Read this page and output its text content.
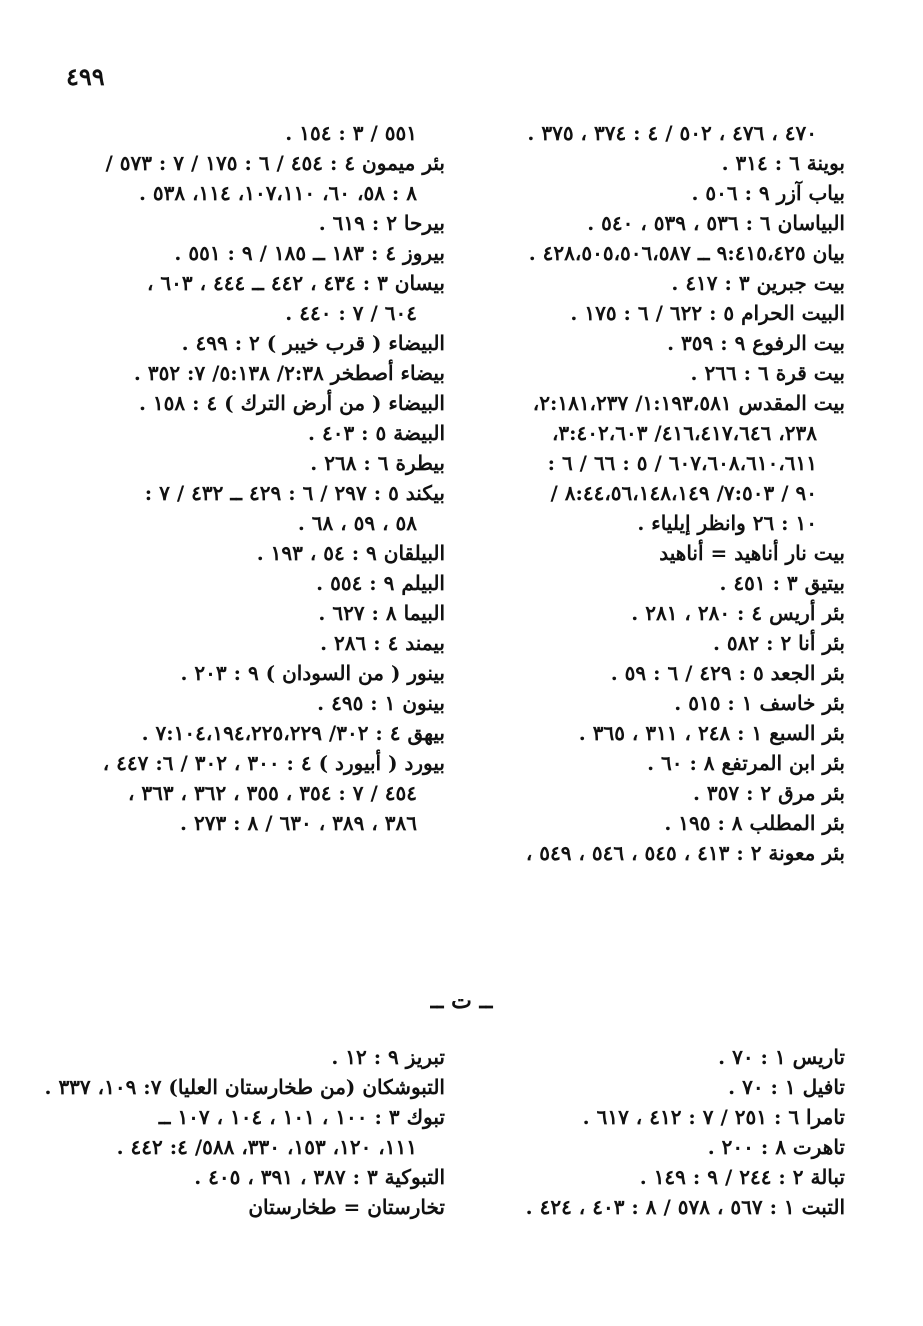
٤٩٩
٤٧٠ ، ٤٧٦ ، ٥٠٢ / ٤ : ٣٧٤ ، ٣٧٥ .
بوينة ٦ : ٣١٤ .
بياب آزر ٩ : ٥٠٦ .
البياسان ٦ : ٥٣٦ ، ٥٣٩ ، ٥٤٠ .
بيان ٩:٤١٥،٤٢٥ ــ ٤٢٨،٥٠٥،٥٠٦،٥٨٧ .
بيت جبرين ٣ : ٤١٧ .
البيت الحرام ٥ : ٦٢٢ / ٦ : ١٧٥ .
بيت الرفوع ٩ : ٣٥٩ .
بيت قرة ٦ : ٢٦٦ .
بيت المقدس ١:١٩٣،٥٨١/ ٢:١٨١،٢٣٧،
٢٣٨، ٤١٦،٤١٧،٦٤٦/ ٣:٤٠٢،٦٠٣،
٦٠٧،٦٠٨،٦١٠،٦١١ / ٥ : ٦٦ / ٦ :
٩٠ / ٧:٥٠٣/ ٨:٤٤،٥٦،١٤٨،١٤٩ /
١٠ : ٢٦ وانظر إيلياء .
بيت نار أناهيد = أناهيد
بيتيق ٣ : ٤٥١ .
بئر أريس ٤ : ٢٨٠ ، ٢٨١ .
بئر أنا ٢ : ٥٨٢ .
بئر الجعد ٥ : ٤٢٩ / ٦ : ٥٩ .
بئر خاسف ١ : ٥١٥ .
بئر السبع ١ : ٢٤٨ ، ٣١١ ، ٣٦٥ .
بئر ابن المرتفع ٨ : ٦٠ .
بئر مرق ٢ : ٣٥٧ .
بئر المطلب ٨ : ١٩٥ .
بئر معونة ٢ : ٤١٣ ، ٥٤٥ ، ٥٤٦ ، ٥٤٩ ،
٥٥١ / ٣ : ١٥٤ .
بئر ميمون ٤ : ٤٥٤ / ٦ : ١٧٥ / ٧ : ٥٧٣ /
٨ : ٥٨، ٦٠، ١٠٧،١١٠، ١١٤، ٥٣٨ .
بيرحا ٢ : ٦١٩ .
بيروز ٤ : ١٨٣ ــ ١٨٥ / ٩ : ٥٥١ .
بيسان ٣ : ٤٣٤ ، ٤٤٢ ــ ٤٤٤ ، ٦٠٣ ،
٦٠٤ / ٧ : ٤٤٠ .
البيضاء ( قرب خيبر ) ٢ : ٤٩٩ .
بيضاء أصطخر ٢:٣٨/ ٥:١٣٨/ ٧: ٣٥٢ .
البيضاء ( من أرض الترك ) ٤ : ١٥٨ .
البيضة ٥ : ٤٠٣ .
بيطرة ٦ : ٢٦٨ .
بيكند ٥ : ٢٩٧ / ٦ : ٤٢٩ ــ ٤٣٢ / ٧ :
٥٨ ، ٥٩ ، ٦٨ .
البيلقان ٩ : ٥٤ ، ١٩٣ .
البيلم ٩ : ٥٥٤ .
البيما ٨ : ٦٢٧ .
بيمند ٤ : ٢٨٦ .
بينور ( من السودان ) ٩ : ٢٠٣ .
بينون ١ : ٤٩٥ .
بيهق ٤ : ٣٠٢/ ٧:١٠٤،١٩٤،٢٢٥،٢٢٩ .
بيورد ( أبيورد ) ٤ : ٣٠٠ ، ٣٠٢ / ٦: ٤٤٧ ،
٤٥٤ / ٧ : ٣٥٤ ، ٣٥٥ ، ٣٦٢ ، ٣٦٣ ،
٣٨٦ ، ٣٨٩ ، ٦٣٠ / ٨ : ٢٧٣ .
ــ ت ــ
تاريس ١ : ٧٠ .
تافيل ١ : ٧٠ .
تامرا ٦ : ٢٥١ / ٧ : ٤١٢ ، ٦١٧ .
تاهرت ٨ : ٢٠٠ .
تبالة ٢ : ٢٤٤ / ٩ : ١٤٩ .
التبت ١ : ٥٦٧ ، ٥٧٨ / ٨ : ٤٠٣ ، ٤٢٤ .
تبريز ٩ : ١٢ .
التبوشكان (من طخارستان العليا) ٧: ١٠٩، ٣٣٧ .
تبوك ٣ : ١٠٠ ، ١٠١ ، ١٠٤ ، ١٠٧ ــ
١١١، ١٢٠، ١٥٣، ٣٣٠، ٥٨٨/ ٤: ٤٤٢ .
التبوكية ٣ : ٣٨٧ ، ٣٩١ ، ٤٠٥ .
تخارستان = طخارستان
